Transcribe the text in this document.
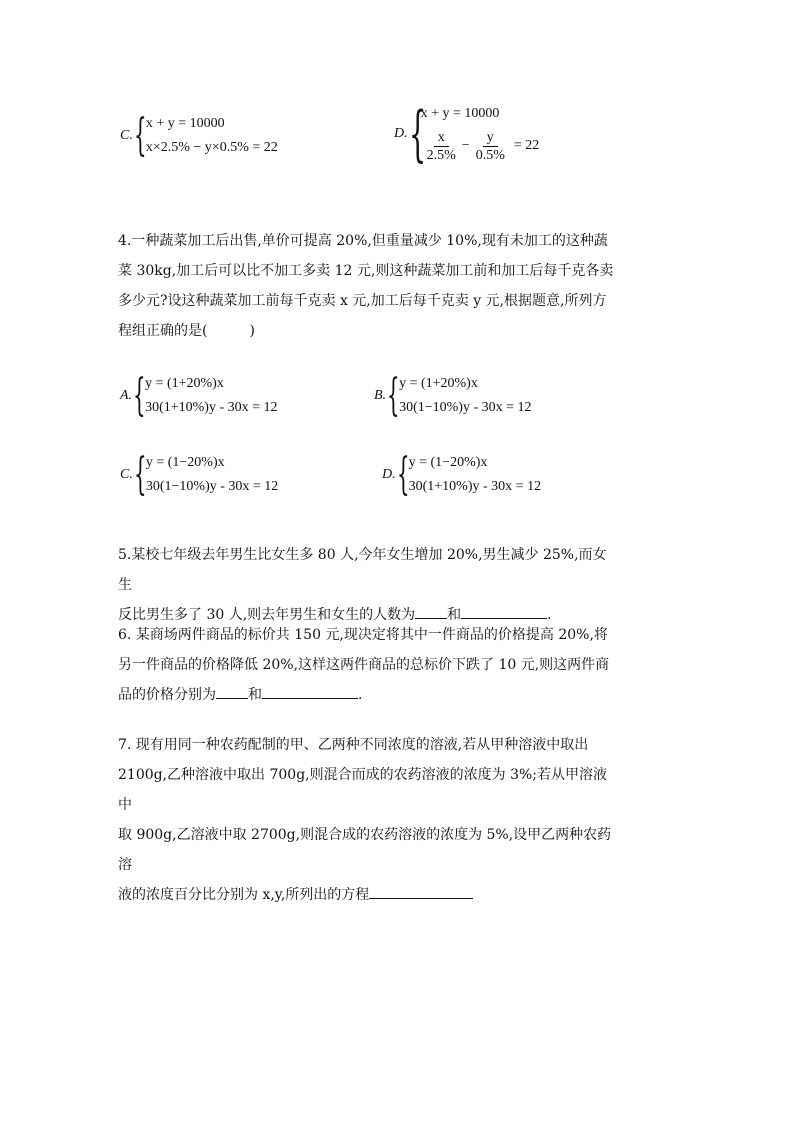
C. { x + y = 10000
x×2.5% − y×0.5% = 22
D. {
x + y = 10000
$\frac{x}{2.5\%} - \frac{y}{0.5\%} = 22$
4.一种蔬菜加工后出售,单价可提高 20%,但重量减少 10%,现有未加工的这种蔬
菜 30kg,加工后可以比不加工多卖 12 元,则这种蔬菜加工前和加工后每千克各卖
多少元?设这种蔬菜加工前每千克卖 x 元,加工后每千克卖 y 元,根据题意,所列方
程组正确的是(	)
A. { y = (1+20%)x
30(1+10%)y - 30x = 12
B. { y = (1+20%)x
30(1−10%)y - 30x = 12
C. { y = (1−20%)x
30(1−10%)y - 30x = 12
D. { y = (1−20%)x
30(1+10%)y - 30x = 12
5.某校七年级去年男生比女生多 80 人,今年女生增加 20%,男生减少 25%,而女生
反比男生多了 30 人,则去年男生和女生的人数为 和	.
6. 某商场两件商品的标价共 150 元,现决定将其中一件商品的价格提高 20%,将
另一件商品的价格降低 20%,这样这两件商品的总标价下跌了 10 元,则这两件商
品的价格分别为 和	.
7. 现有用同一种农药配制的甲、乙两种不同浓度的溶液,若从甲种溶液中取出
2100g,乙种溶液中取出 700g,则混合而成的农药溶液的浓度为 3%;若从甲溶液中
取 900g,乙溶液中取 2700g,则混合成的农药溶液的浓度为 5%,设甲乙两种农药溶
液的浓度百分比分别为 x,y,所列出的方程
